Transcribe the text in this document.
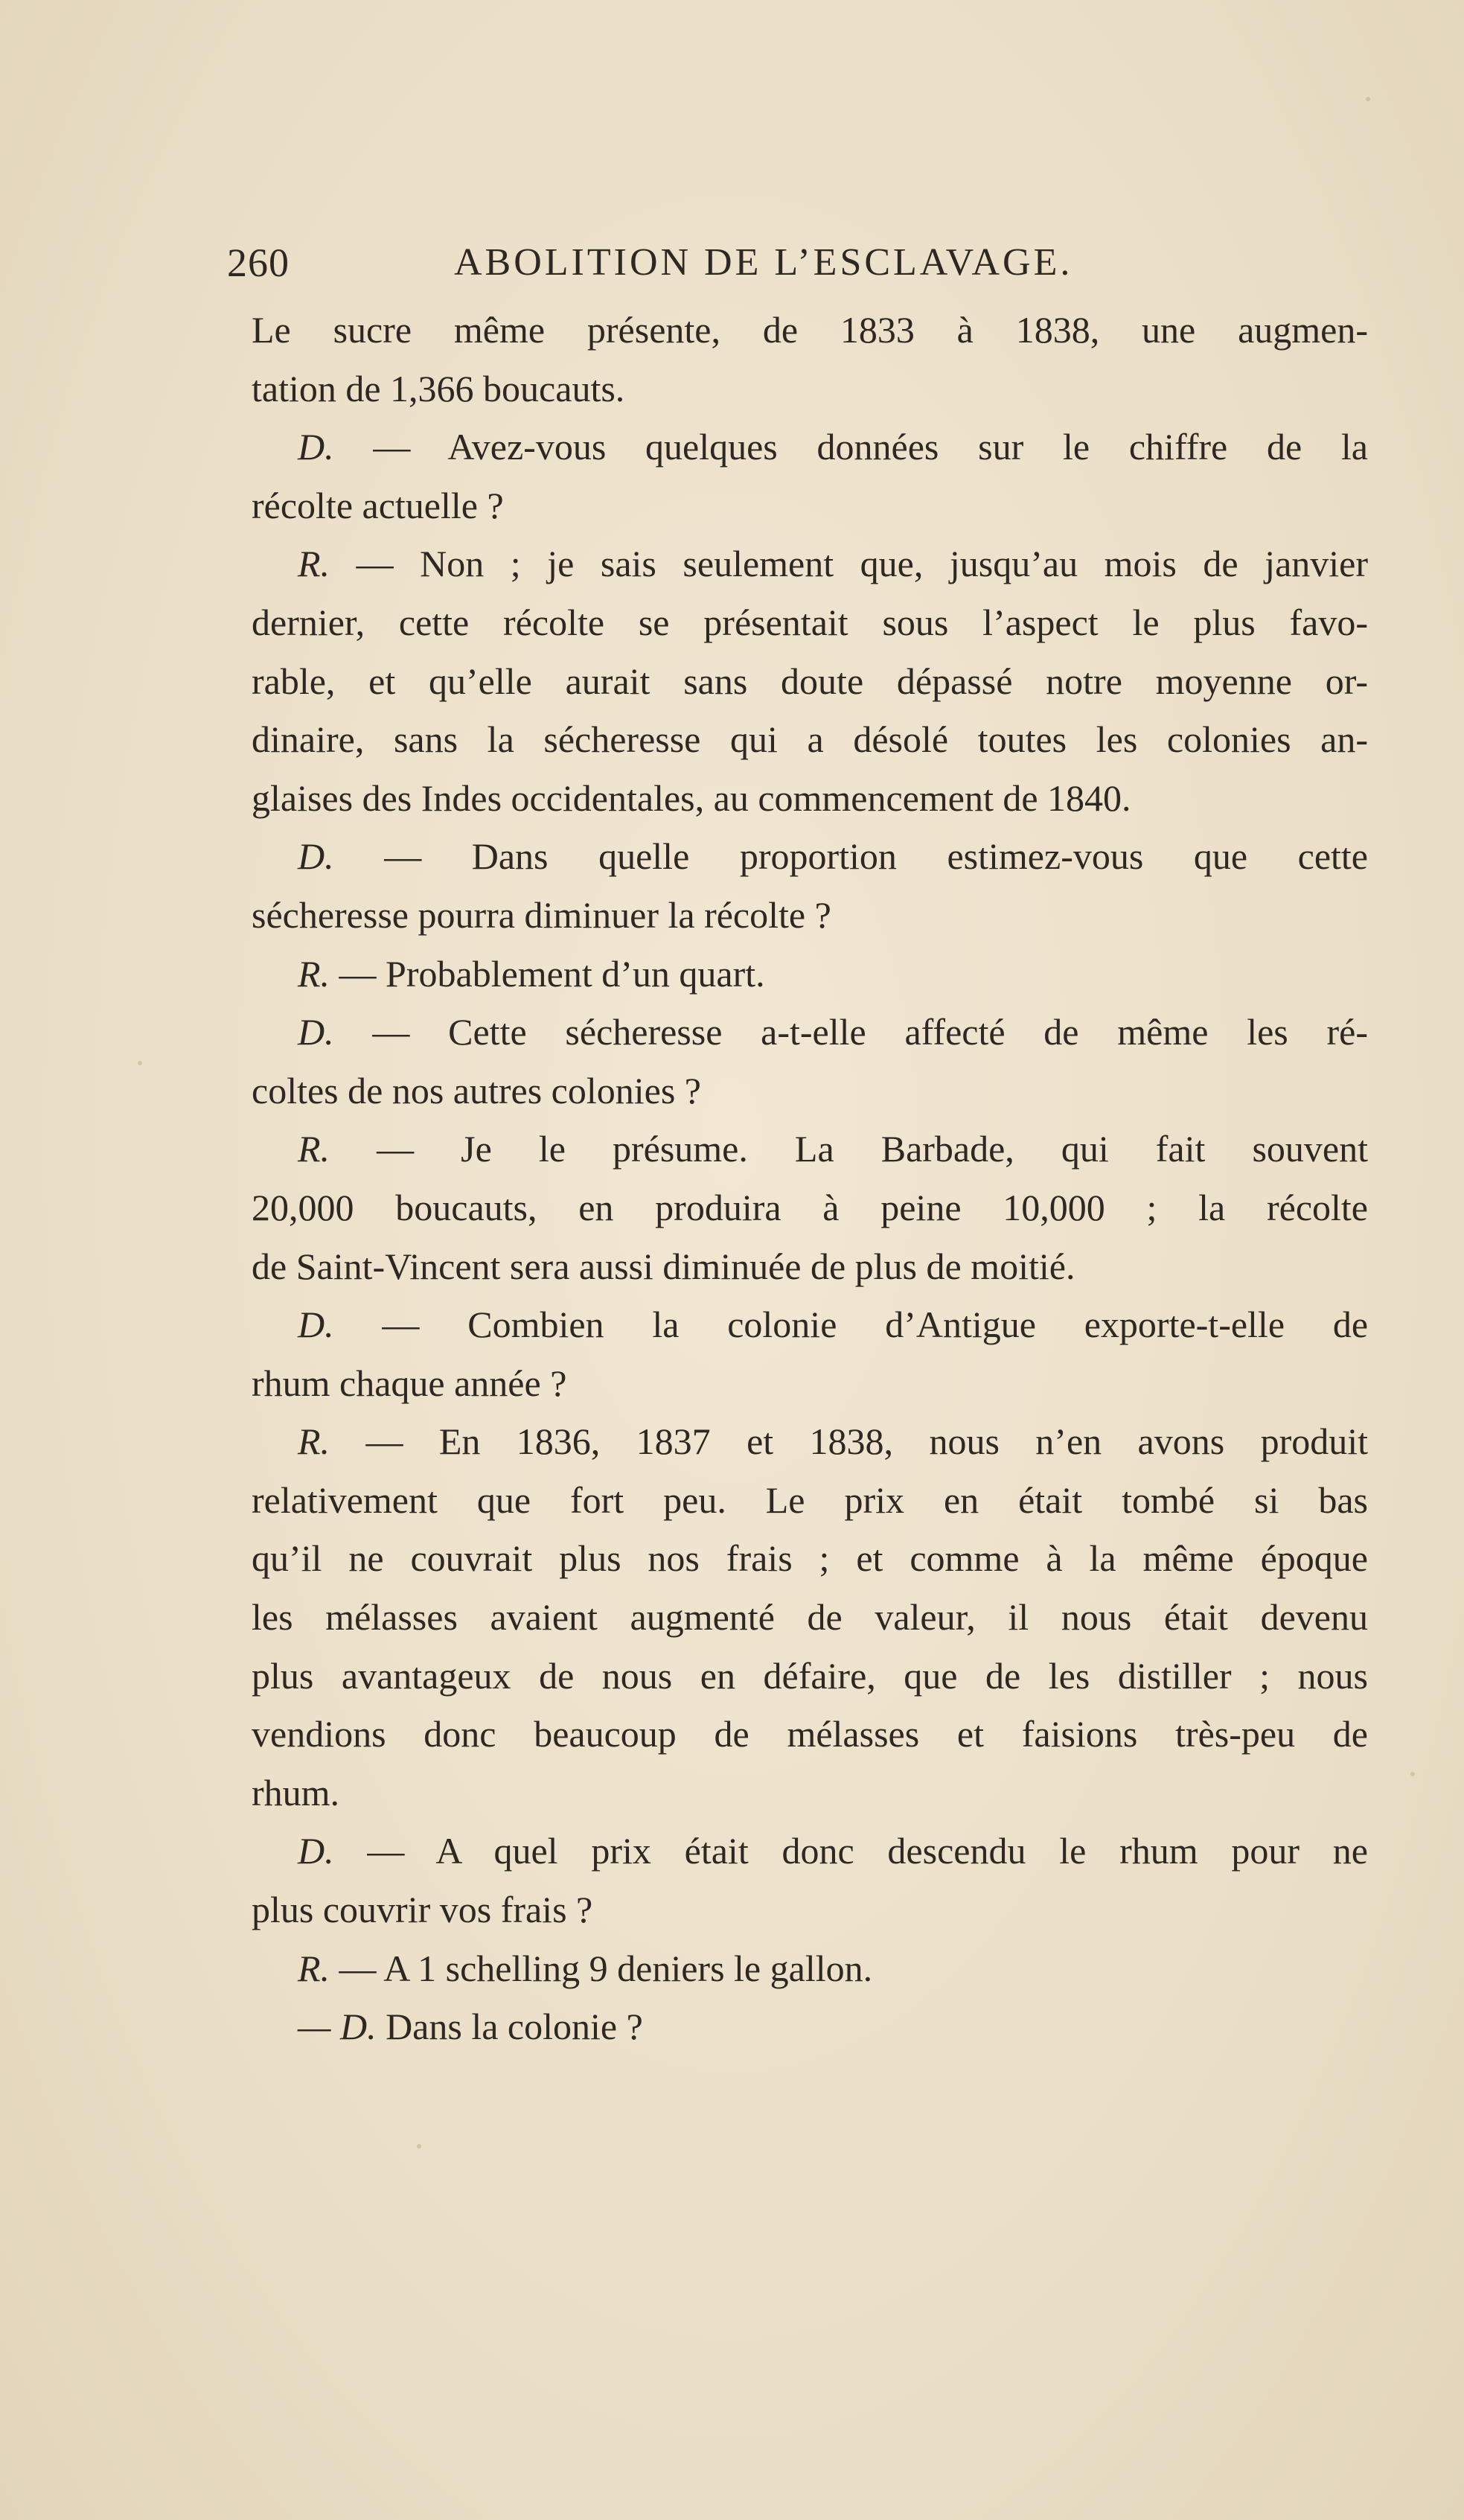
260	ABOLITION DE L’ESCLAVAGE.
Le sucre même présente, de 1833 à 1838, une augmen-
tation de 1,366 boucauts.
D. — Avez-vous quelques données sur le chiffre de la
récolte actuelle ?
R. — Non ; je sais seulement que, jusqu’au mois de janvier
dernier, cette récolte se présentait sous l’aspect le plus favo-
rable, et qu’elle aurait sans doute dépassé notre moyenne or-
dinaire, sans la sécheresse qui a désolé toutes les colonies an-
glaises des Indes occidentales, au commencement de 1840.
D. — Dans quelle proportion estimez-vous que cette
sécheresse pourra diminuer la récolte ?
R. — Probablement d’un quart.
D. — Cette sécheresse a-t-elle affecté de même les ré-
coltes de nos autres colonies ?
R. — Je le présume. La Barbade, qui fait souvent
20,000 boucauts, en produira à peine 10,000 ; la récolte
de Saint-Vincent sera aussi diminuée de plus de moitié.
D. — Combien la colonie d’Antigue exporte-t-elle de
rhum chaque année ?
R. — En 1836, 1837 et 1838, nous n’en avons produit
relativement que fort peu. Le prix en était tombé si bas
qu’il ne couvrait plus nos frais ; et comme à la même époque
les mélasses avaient augmenté de valeur, il nous était devenu
plus avantageux de nous en défaire, que de les distiller ; nous
vendions donc beaucoup de mélasses et faisions très-peu de
rhum.
D. — A quel prix était donc descendu le rhum pour ne
plus couvrir vos frais ?
R. — A 1 schelling 9 deniers le gallon.
— D. Dans la colonie ?
